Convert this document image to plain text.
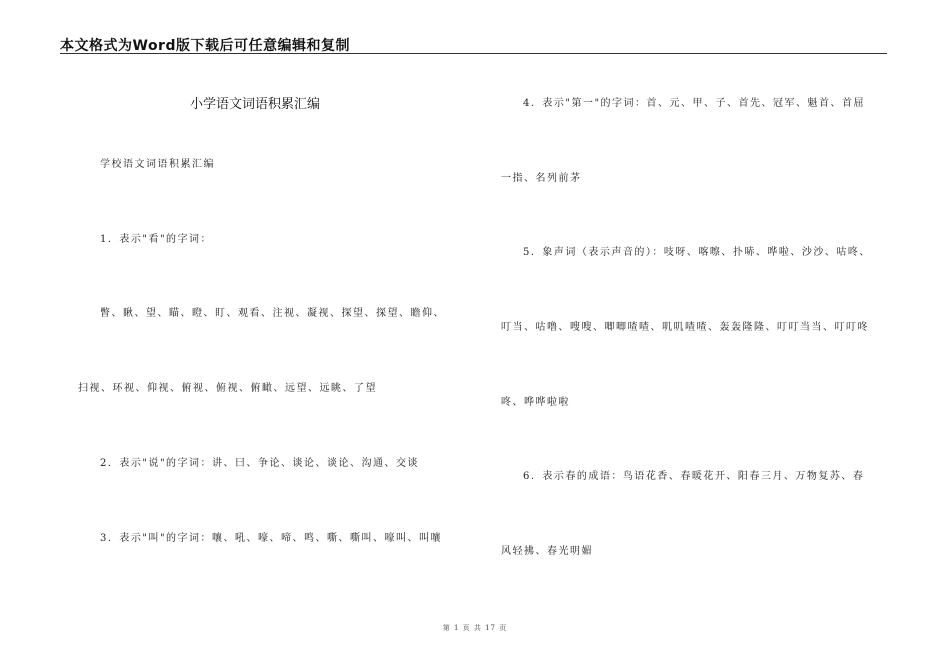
本文格式为Word版下载后可任意编辑和复制
小学语文词语积累汇编
学校语文词语积累汇编
1．表示"看"的字词：
瞥、瞅、望、瞄、瞪、盯、观看、注视、凝视、探望、探望、瞻仰、
扫视、环视、仰视、俯视、俯视、俯瞰、远望、远眺、了望
2．表示"说"的字词：讲、曰、争论、谈论、谈论、沟通、交谈
3．表示"叫"的字词：嚷、吼、嚎、啼、鸣、嘶、嘶叫、嚎叫、叫嚷
4．表示"第一"的字词：首、元、甲、子、首先、冠军、魁首、首屈
一指、名列前茅
5．象声词（表示声音的）：吱呀、喀嚓、扑哧、哗啦、沙沙、咕咚、
叮当、咕噜、嗖嗖、唧唧喳喳、叽叽喳喳、轰轰隆隆、叮叮当当、叮叮咚
咚、哗哗啦啦
6．表示春的成语：鸟语花香、春暖花开、阳春三月、万物复苏、春
风轻拂、春光明媚
第 1 页 共 17 页
